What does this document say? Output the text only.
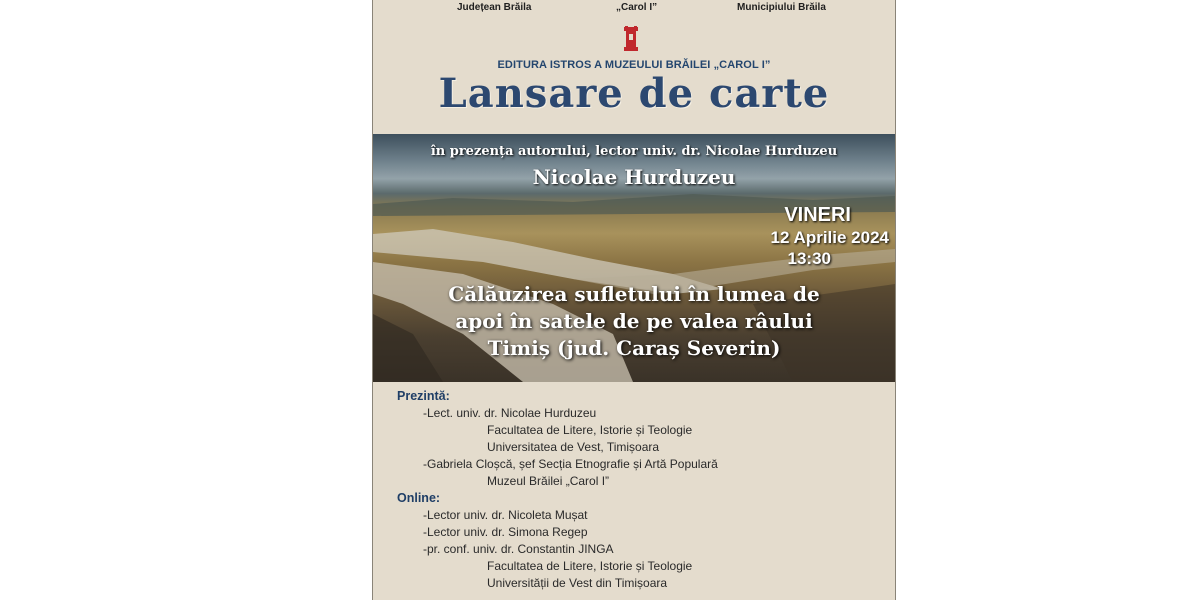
Județean Brăila	„Carol I”	Municipiului Brăila
EDITURA ISTROS A MUZEULUI BRĂILEI „CAROL I”
Lansare de carte
în prezența autorului, lector univ. dr. Nicolae Hurduzeu
Nicolae Hurduzeu
VINERI
12 Aprilie 2024
13:30
Călăuzirea sufletului în lumea de
apoi în satele de pe valea râului
Timiș (jud. Caraș Severin)
Prezintă:
-Lect. univ. dr. Nicolae Hurduzeu
Facultatea de Litere, Istorie și Teologie
Universitatea de Vest, Timișoara
-Gabriela Cloșcă, șef Secția Etnografie și Artă Populară
Muzeul Brăilei „Carol I”
Online:
-Lector univ. dr. Nicoleta Mușat
-Lector univ. dr. Simona Regep
-pr. conf. univ. dr. Constantin JINGA
Facultatea de Litere, Istorie și Teologie
Universității de Vest din Timișoara
